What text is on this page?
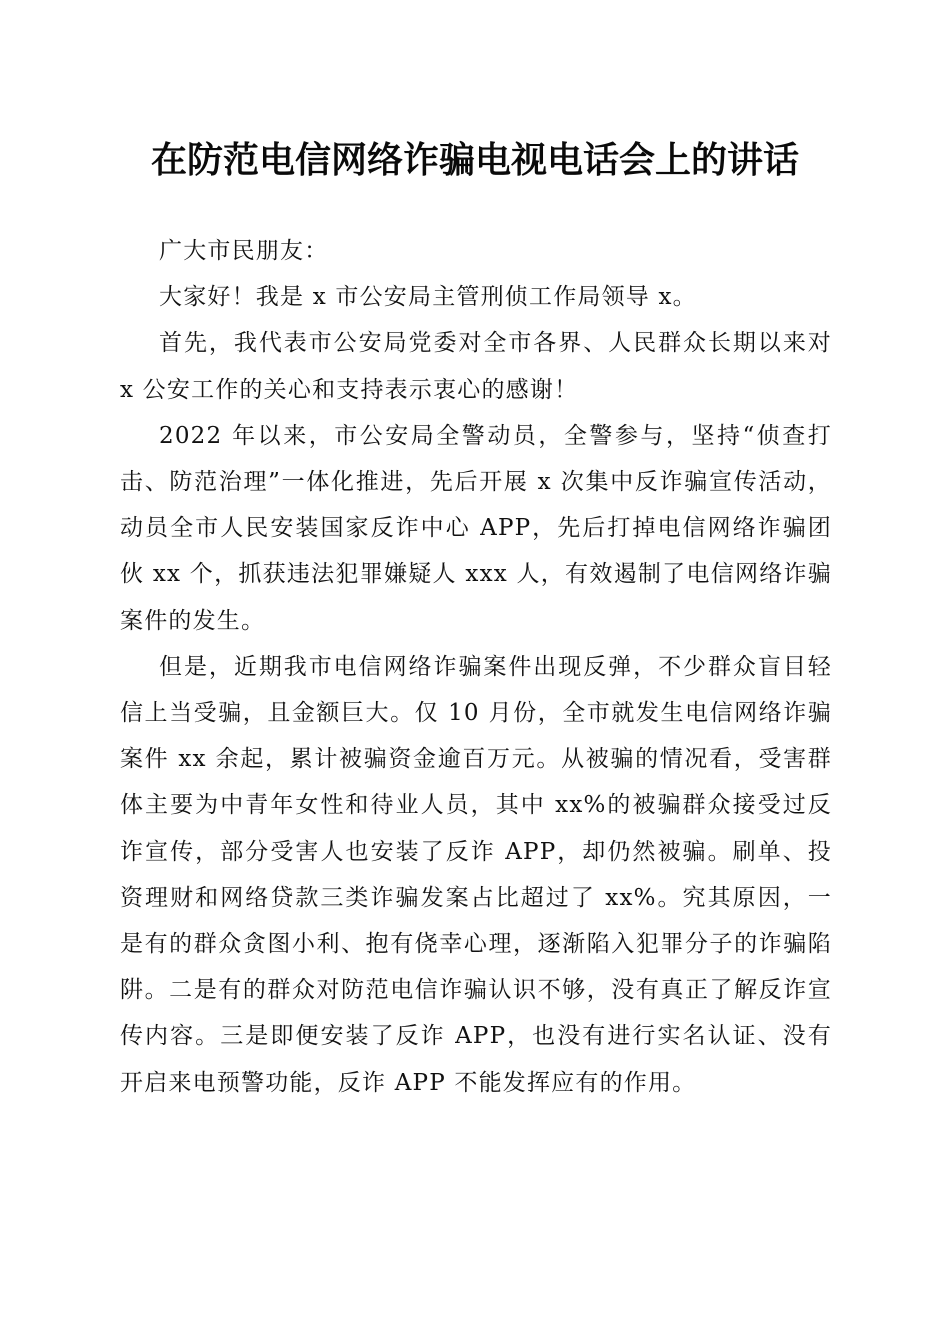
在防范电信网络诈骗电视电话会上的讲话

广大市民朋友：

大家好！我是 x 市公安局主管刑侦工作局领导 x。

首先，我代表市公安局党委对全市各界、人民群众长期以来对 x 公安工作的关心和支持表示衷心的感谢！

2022 年以来，市公安局全警动员，全警参与，坚持“侦查打击、防范治理”一体化推进，先后开展 x 次集中反诈骗宣传活动，动员全市人民安装国家反诈中心 APP，先后打掉电信网络诈骗团伙 xx 个，抓获违法犯罪嫌疑人 xxx 人，有效遏制了电信网络诈骗案件的发生。

但是，近期我市电信网络诈骗案件出现反弹，不少群众盲目轻信上当受骗，且金额巨大。仅 10 月份，全市就发生电信网络诈骗案件 xx 余起，累计被骗资金逾百万元。从被骗的情况看，受害群体主要为中青年女性和待业人员，其中 xx%的被骗群众接受过反诈宣传，部分受害人也安装了反诈 APP，却仍然被骗。刷单、投资理财和网络贷款三类诈骗发案占比超过了 xx%。究其原因，一是有的群众贪图小利、抱有侥幸心理，逐渐陷入犯罪分子的诈骗陷阱。二是有的群众对防范电信诈骗认识不够，没有真正了解反诈宣传内容。三是即便安装了反诈 APP，也没有进行实名认证、没有开启来电预警功能，反诈 APP 不能发挥应有的作用。
